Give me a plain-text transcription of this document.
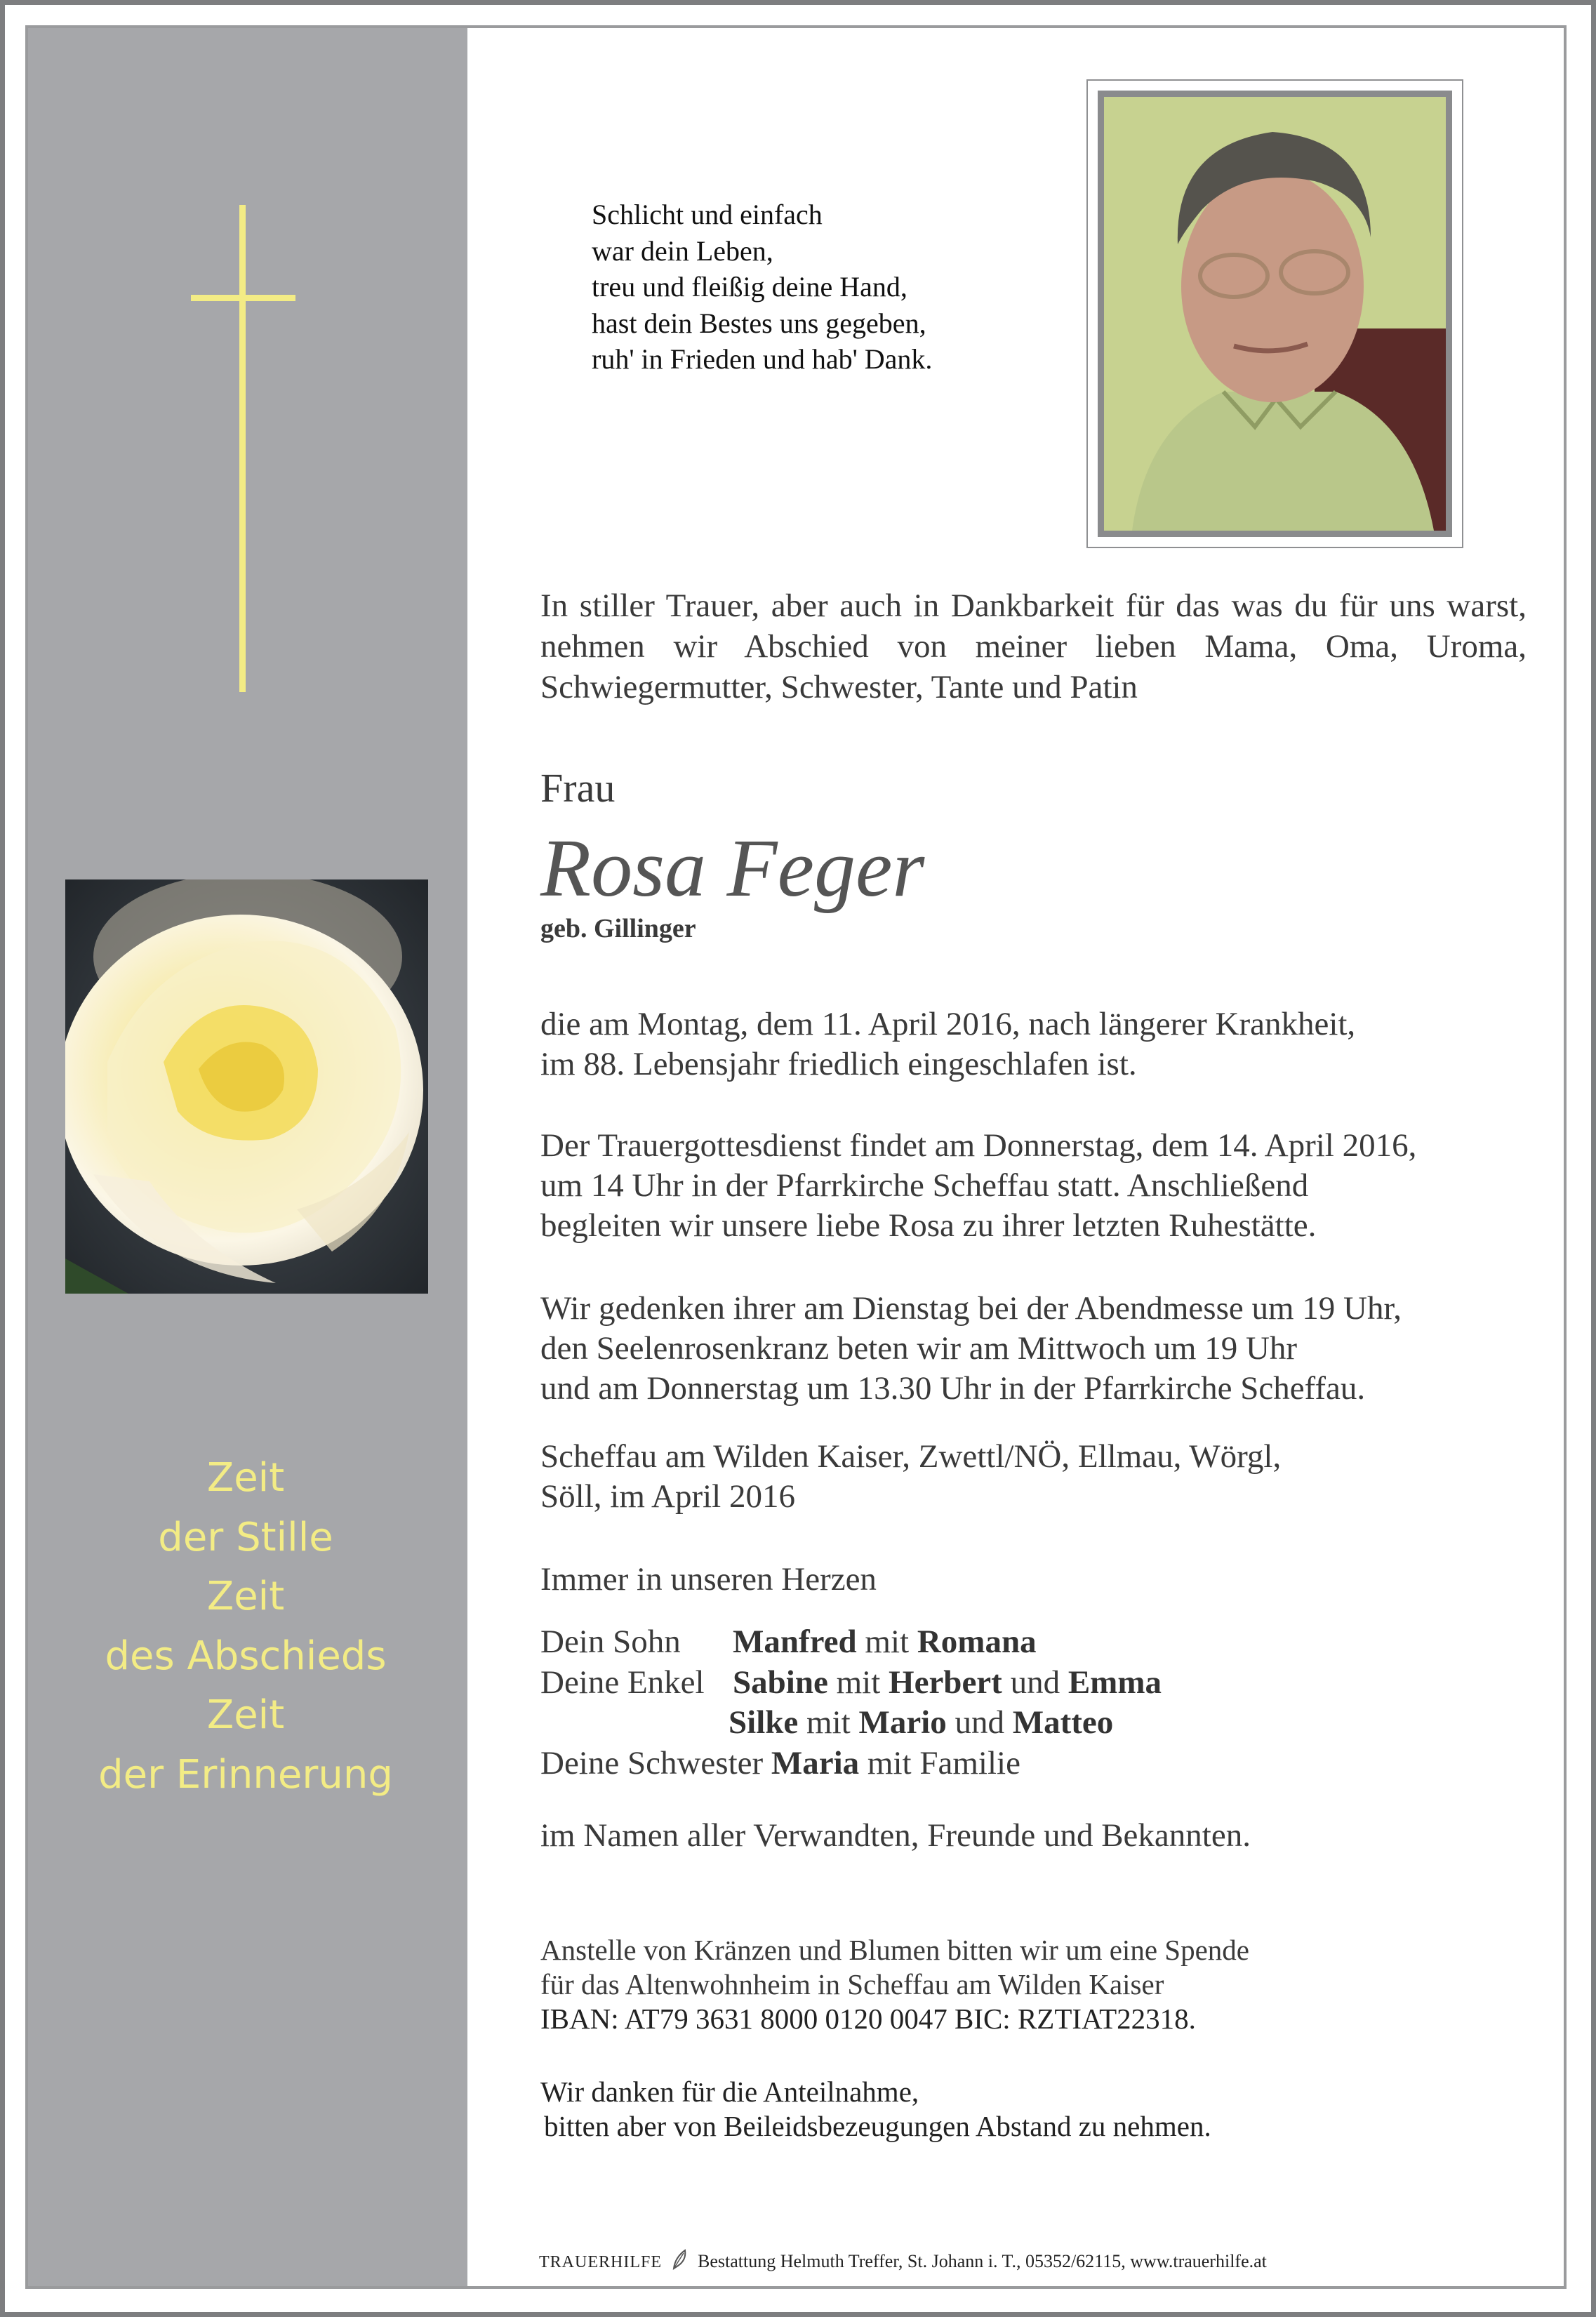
Zeit
der Stille
Zeit
des Abschieds
Zeit
der Erinnerung
Schlicht und einfach
war dein Leben,
treu und fleißig deine Hand,
hast dein Bestes uns gegeben,
ruh' in Frieden und hab' Dank.
In stiller Trauer, aber auch in Dankbarkeit für das was du für uns warst, nehmen wir Abschied von meiner lieben Mama, Oma, Uroma, Schwiegermutter, Schwester, Tante und Patin
Frau
Rosa Feger
geb. Gillinger
die am Montag, dem 11. April 2016, nach längerer Krankheit,
im 88. Lebensjahr friedlich eingeschlafen ist.
Der Trauergottesdienst findet am Donnerstag, dem 14. April 2016,
um 14 Uhr in der Pfarrkirche Scheffau statt. Anschließend
begleiten wir unsere liebe Rosa zu ihrer letzten Ruhestätte.
Wir gedenken ihrer am Dienstag bei der Abendmesse um 19 Uhr,
den Seelenrosenkranz beten wir am Mittwoch um 19 Uhr
und am Donnerstag um 13.30 Uhr in der Pfarrkirche Scheffau.
Scheffau am Wilden Kaiser, Zwettl/NÖ, Ellmau, Wörgl,
Söll, im April 2016
Immer in unseren Herzen
Dein Sohn Manfred mit Romana
Deine Enkel Sabine mit Herbert und Emma
Silke mit Mario und Matteo
Deine Schwester Maria mit Familie
im Namen aller Verwandten, Freunde und Bekannten.
Anstelle von Kränzen und Blumen bitten wir um eine Spende
für das Altenwohnheim in Scheffau am Wilden Kaiser
IBAN: AT79 3631 8000 0120 0047 BIC: RZTIAT22318.
Wir danken für die Anteilnahme,
bitten aber von Beileidsbezeugungen Abstand zu nehmen.
TRAUERHILFE Bestattung Helmuth Treffer, St. Johann i. T., 05352/62115, www.trauerhilfe.at
